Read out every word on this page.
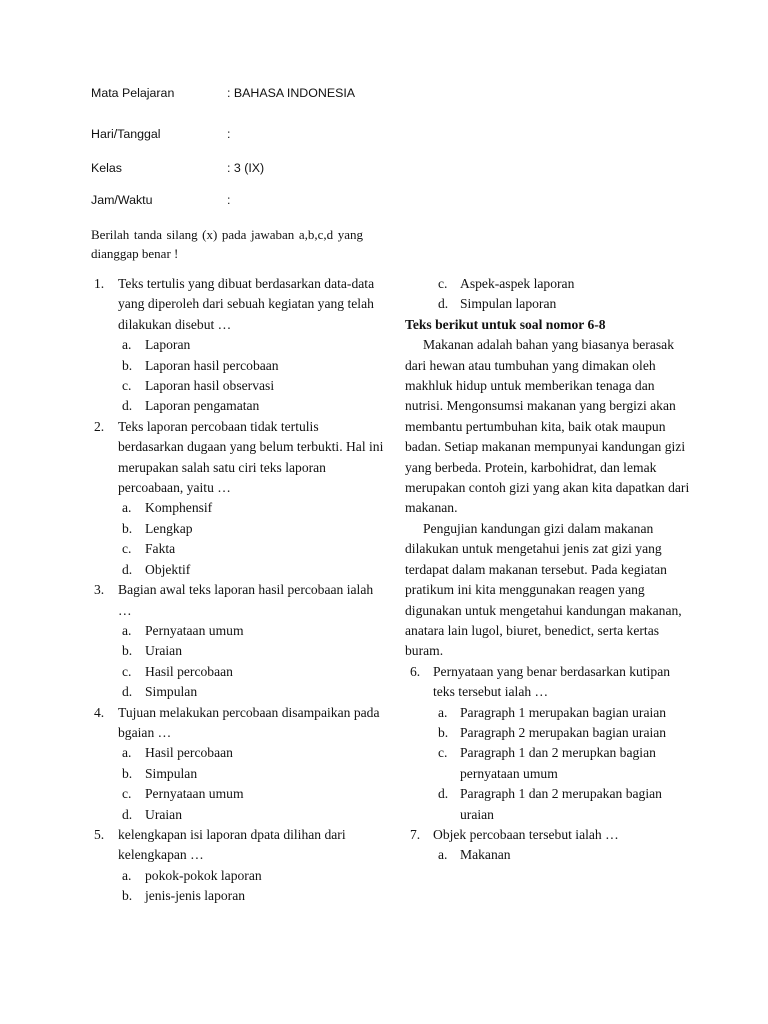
Mata Pelajaran	: BAHASA INDONESIA
Hari/Tanggal	:
Kelas	: 3 (IX)
Jam/Waktu	:
Berilah tanda silang (x) pada jawaban a,b,c,d yang dianggap benar !
1. Teks tertulis yang dibuat berdasarkan data-data yang diperoleh dari sebuah kegiatan yang telah dilakukan disebut …
a. Laporan
b. Laporan hasil percobaan
c. Laporan hasil observasi
d. Laporan pengamatan
2. Teks laporan percobaan tidak tertulis berdasarkan dugaan yang belum terbukti. Hal ini merupakan salah satu ciri teks laporan percoabaan, yaitu …
a. Komphensif
b. Lengkap
c. Fakta
d. Objektif
3. Bagian awal teks laporan hasil percobaan ialah …
a. Pernyataan umum
b. Uraian
c. Hasil percobaan
d. Simpulan
4. Tujuan melakukan percobaan disampaikan pada bgaian …
a. Hasil percobaan
b. Simpulan
c. Pernyataan umum
d. Uraian
5. kelengkapan isi laporan dpata dilihan dari kelengkapan …
a. pokok-pokok laporan
b. jenis-jenis laporan
c. Aspek-aspek laporan
d. Simpulan laporan
Teks berikut untuk soal nomor 6-8
Makanan adalah bahan yang biasanya berasak dari hewan atau tumbuhan yang dimakan oleh makhluk hidup untuk memberikan tenaga dan nutrisi. Mengonsumsi makanan yang bergizi akan membantu pertumbuhan kita, baik otak maupun badan. Setiap makanan mempunyai kandungan gizi yang berbeda. Protein, karbohidrat, dan lemak merupakan contoh gizi yang akan kita dapatkan dari makanan.
Pengujian kandungan gizi dalam makanan dilakukan untuk mengetahui jenis zat gizi yang terdapat dalam makanan tersebut. Pada kegiatan pratikum ini kita menggunakan reagen yang digunakan untuk mengetahui kandungan makanan, anatara lain lugol, biuret, benedict, serta kertas buram.
6. Pernyataan yang benar berdasarkan kutipan teks tersebut ialah …
a. Paragraph 1 merupakan bagian uraian
b. Paragraph 2 merupakan bagian uraian
c. Paragraph 1 dan 2 merupkan bagian pernyataan umum
d. Paragraph 1 dan 2 merupakan bagian uraian
7. Objek percobaan tersebut ialah …
a. Makanan
